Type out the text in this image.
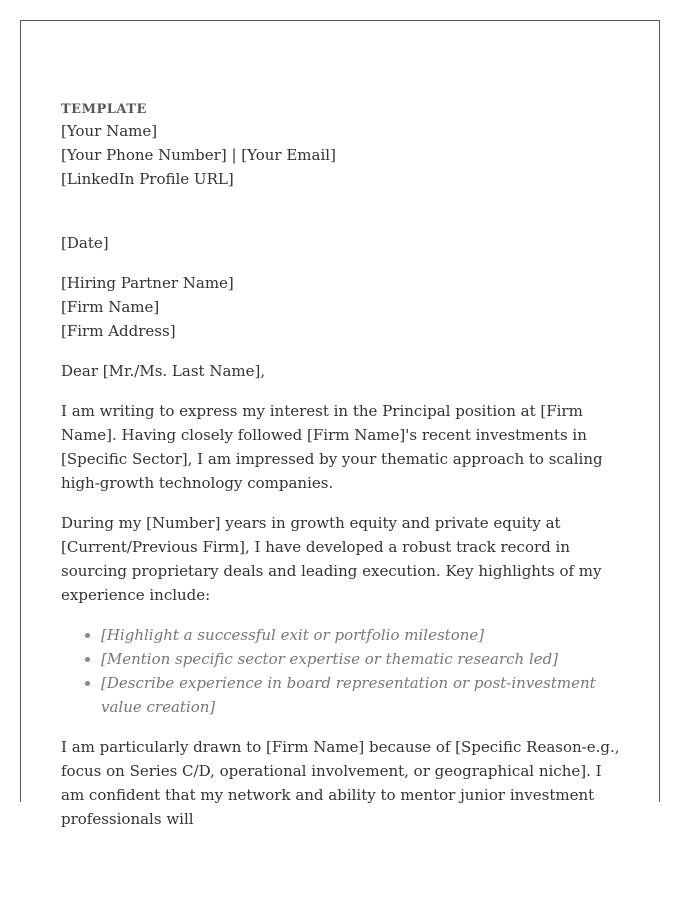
TEMPLATE
[Your Name]
[Your Phone Number] | [Your Email]
[LinkedIn Profile URL]
[Date]
[Hiring Partner Name]
[Firm Name]
[Firm Address]

Dear [Mr./Ms. Last Name],

I am writing to express my interest in the Principal position at [Firm Name]. Having closely followed [Firm Name]'s recent investments in [Specific Sector], I am impressed by your thematic approach to scaling high-growth technology companies.

During my [Number] years in growth equity and private equity at [Current/Previous Firm], I have developed a robust track record in sourcing proprietary deals and leading execution. Key highlights of my experience include:

• [Highlight a successful exit or portfolio milestone]
• [Mention specific sector expertise or thematic research led]
• [Describe experience in board representation or post-investment value creation]

I am particularly drawn to [Firm Name] because of [Specific Reason-e.g., focus on Series C/D, operational involvement, or geographical niche]. I am confident that my network and ability to mentor junior investment professionals will
